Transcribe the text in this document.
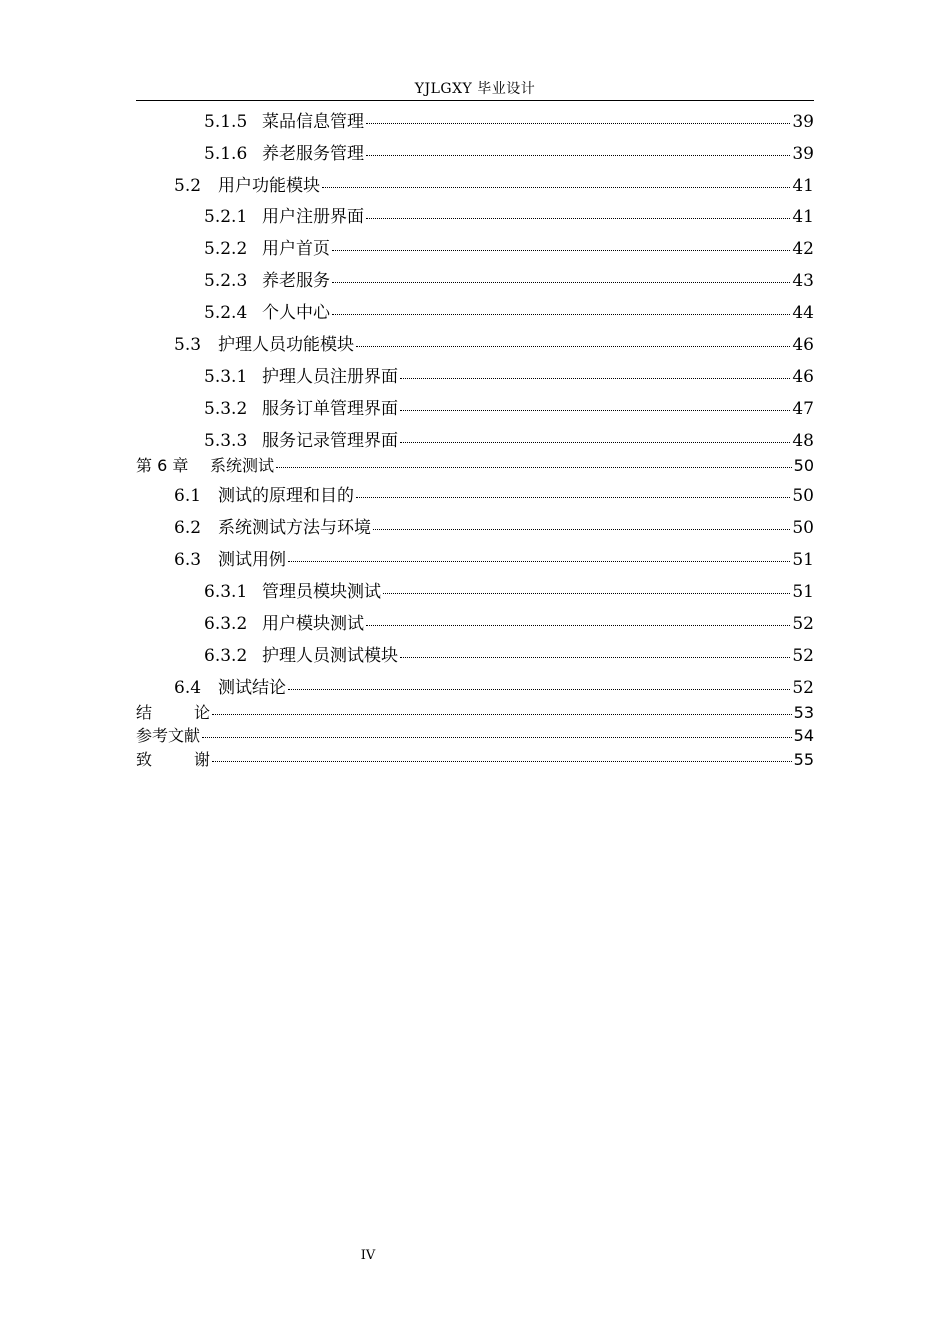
YJLGXY 毕业设计
5.1.5 菜品信息管理	39
5.1.6 养老服务管理	39
5.2 用户功能模块	41
5.2.1 用户注册界面	41
5.2.2 用户首页	42
5.2.3 养老服务	43
5.2.4 个人中心	44
5.3 护理人员功能模块	46
5.3.1 护理人员注册界面	46
5.3.2 服务订单管理界面	47
5.3.3 服务记录管理界面	48
第 6 章	系统测试	50
6.1 测试的原理和目的	50
6.2 系统测试方法与环境	50
6.3 测试用例	51
6.3.1 管理员模块测试	51
6.3.2 用户模块测试	52
6.3.2 护理人员测试模块	52
6.4 测试结论	52
结	论	53
参考文献	54
致	谢	55
IV
